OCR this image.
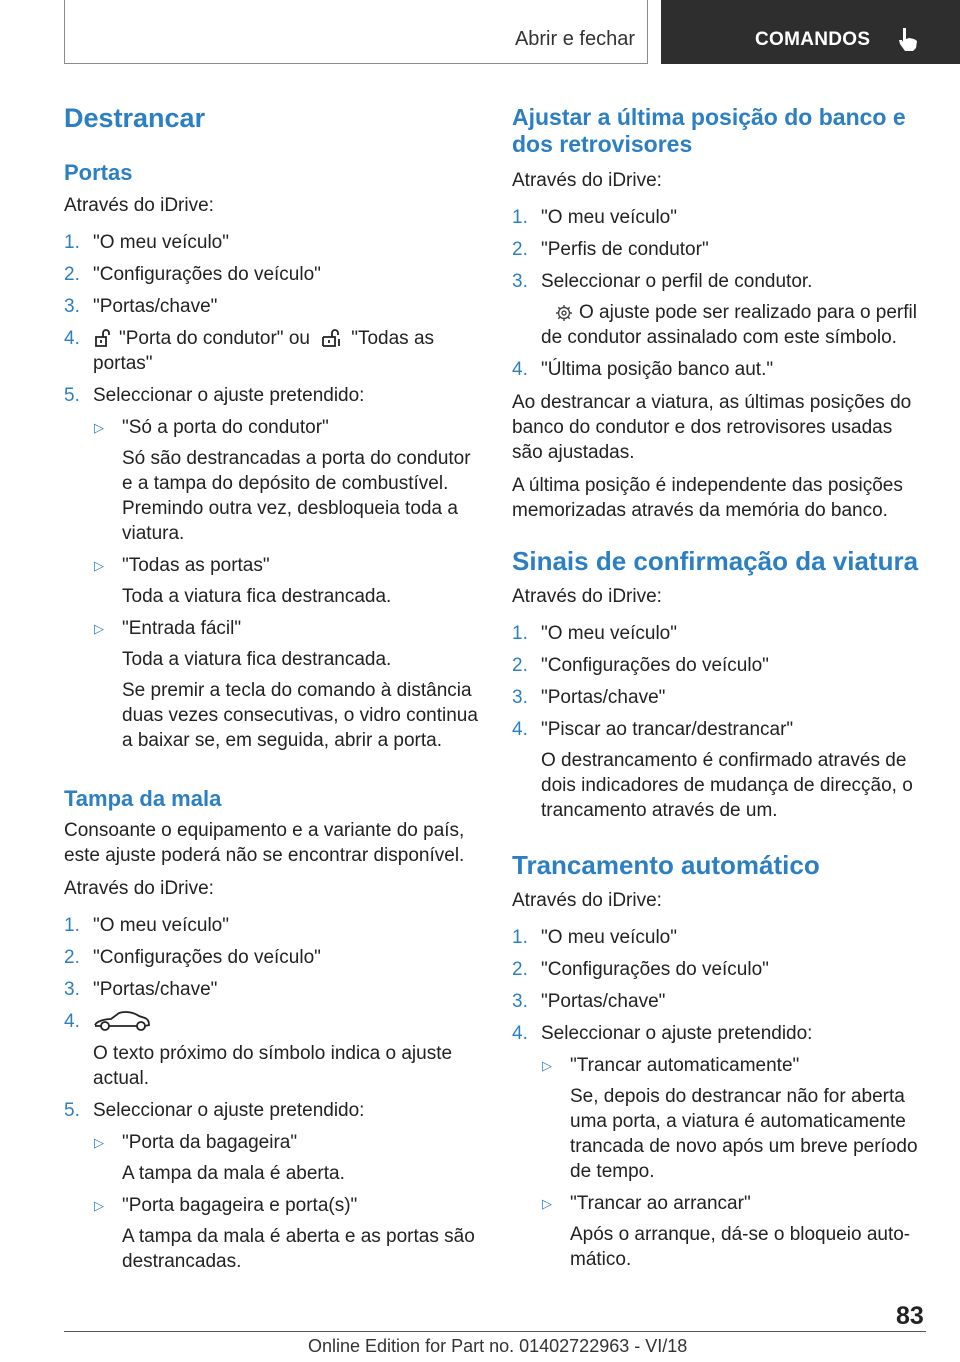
Abrir e fechar	COMANDOS
Destrancar
Portas

Através do iDrive:

1. "O meu veículo"
2. "Configurações do veículo"
3. "Portas/chave"
4. "Porta do condutor" ou "Todas as portas"
5. Seleccionar o ajuste pretendido:
▷ "Só a porta do condutor"
Só são destrancadas a porta do condutor e a tampa do depósito de combustível. Premindo outra vez, desbloqueia toda a viatura.
▷ "Todas as portas"
Toda a viatura fica destrancada.
▷ "Entrada fácil"
Toda a viatura fica destrancada.
Se premir a tecla do comando à distância duas vezes consecutivas, o vidro continua a baixar se, em seguida, abrir a porta.
Tampa da mala

Consoante o equipamento e a variante do país, este ajuste poderá não se encontrar disponível.

Através do iDrive:

1. "O meu veículo"
2. "Configurações do veículo"
3. "Portas/chave"
4.
O texto próximo do símbolo indica o ajuste actual.
5. Seleccionar o ajuste pretendido:
▷ "Porta da bagageira"
A tampa da mala é aberta.
▷ "Porta bagageira e porta(s)"
A tampa da mala é aberta e as portas são destrancadas.
Ajustar a última posição do banco e dos retrovisores

Através do iDrive:

1. "O meu veículo"
2. "Perfis de condutor"
3. Seleccionar o perfil de condutor.
O ajuste pode ser realizado para o perfil de condutor assinalado com este símbolo.
4. "Última posição banco aut."

Ao destrancar a viatura, as últimas posições do banco do condutor e dos retrovisores usadas são ajustadas.

A última posição é independente das posições memorizadas através da memória do banco.

Sinais de confirmação da viatura

Através do iDrive:

1. "O meu veículo"
2. "Configurações do veículo"
3. "Portas/chave"
4. "Piscar ao trancar/destrancar"
O destrancamento é confirmado através de dois indicadores de mudança de direcção, o trancamento através de um.
Trancamento automático

Através do iDrive:

1. "O meu veículo"
2. "Configurações do veículo"
3. "Portas/chave"
4. Seleccionar o ajuste pretendido:
▷ "Trancar automaticamente"
Se, depois do destrancar não for aberta uma porta, a viatura é automaticamente trancada de novo após um breve período de tempo.
▷ "Trancar ao arrancar"
Após o arranque, dá-se o bloqueio auto-mático.
83
Online Edition for Part no. 01402722963 - VI/18
